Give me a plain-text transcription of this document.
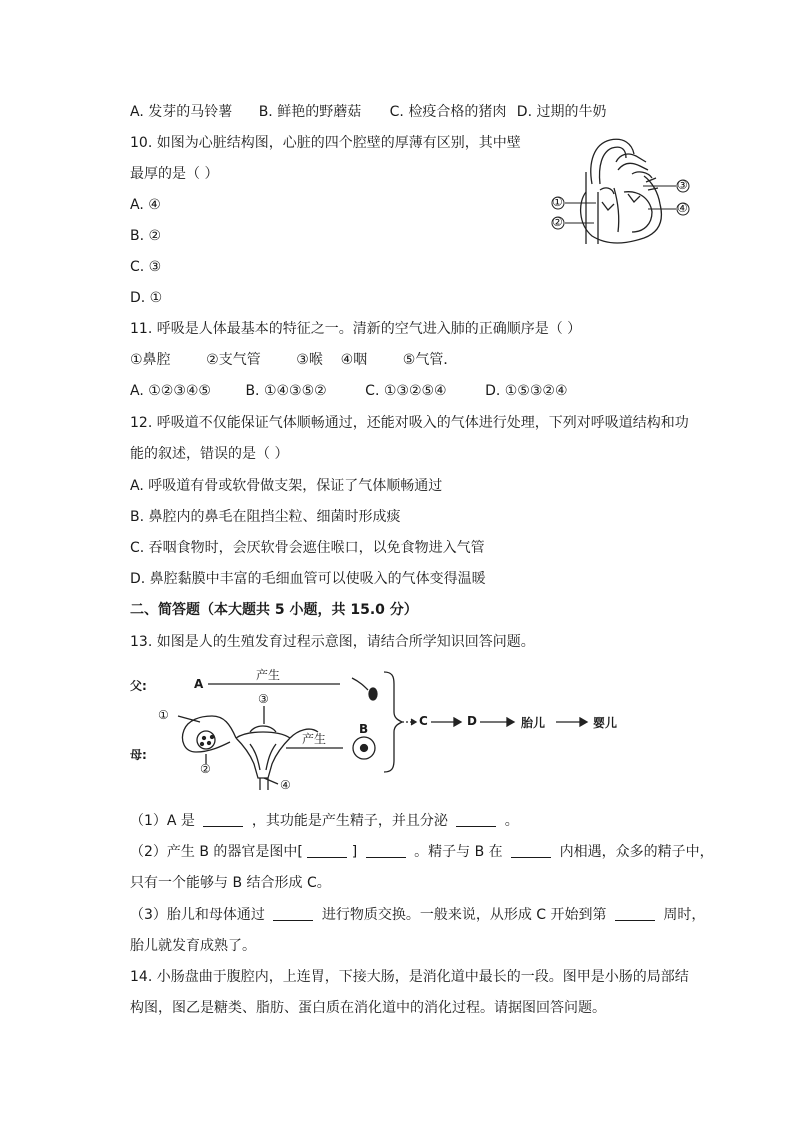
A. 发芽的马铃薯 B. 鲜艳的野蘑菇 C. 检疫合格的猪肉 D. 过期的牛奶
10. 如图为心脏结构图，心脏的四个腔壁的厚薄有区别，其中壁
最厚的是（ ）
A. ④
B. ②
C. ③
D. ①
①
②
③
④
11. 呼吸是人体最基本的特征之一。清新的空气进入肺的正确顺序是（ ）
①鼻腔        ②支气管        ③喉    ④咽        ⑤气管．
A. ①②③④⑤ B. ①④③⑤②	C. ①③②⑤④	D. ①⑤③②④
12. 呼吸道不仅能保证气体顺畅通过，还能对吸入的气体进行处理，下列对呼吸道结构和功
能的叙述，错误的是（ ）
A. 呼吸道有骨或软骨做支架，保证了气体顺畅通过
B. 鼻腔内的鼻毛在阻挡尘粒、细菌时形成痰
C. 吞咽食物时，会厌软骨会遮住喉口，以免食物进入气管
D. 鼻腔黏膜中丰富的毛细血管可以使吸入的气体变得温暖
二、简答题（本大题共 5 小题，共 15.0 分）
13. 如图是人的生殖发育过程示意图，请结合所学知识回答问题。
父:
母:
A
产生
产生
B
C	D	胎儿	婴儿
①
②
③
④
（1）A 是	，其功能是产生精子，并且分泌	。
（2）产生 B 的器官是图中[	]	。精子与 B 在	内相遇，众多的精子中，
只有一个能够与 B 结合形成 C。
（3）胎儿和母体通过	进行物质交换。一般来说，从形成 C 开始到第	周时，
胎儿就发育成熟了。
14. 小肠盘曲于腹腔内，上连胃，下接大肠，是消化道中最长的一段。图甲是小肠的局部结
构图，图乙是糖类、脂肪、蛋白质在消化道中的消化过程。请据图回答问题。
